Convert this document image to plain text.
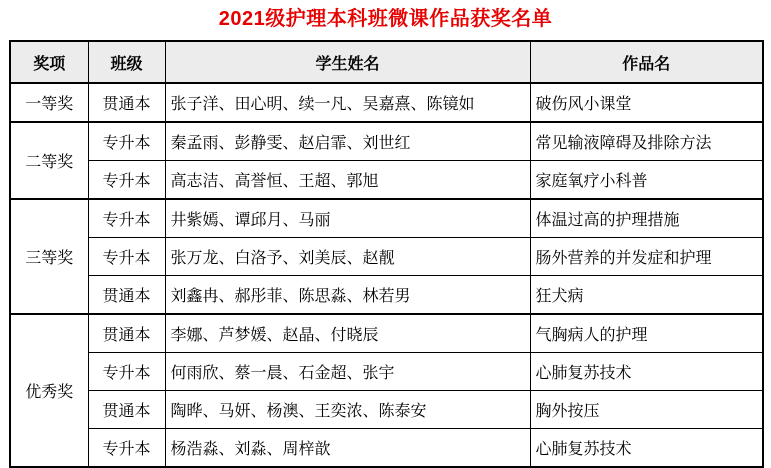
2021级护理本科班微课作品获奖名单
奖项	班级	学生姓名	作品名
一等奖	贯通本	张子洋、田心明、续一凡、吴嘉熹、陈镜如	破伤风小课堂
二等奖	专升本	秦孟雨、彭静雯、赵启霏、刘世红	常见输液障碍及排除方法
	专升本	高志洁、高誉恒、王超、郭旭	家庭氧疗小科普
三等奖	专升本	井紫嫣、谭邱月、马丽	体温过高的护理措施
	专升本	张万龙、白洛予、刘美辰、赵靓	肠外营养的并发症和护理
	贯通本	刘鑫冉、郝彤菲、陈思淼、林若男	狂犬病
优秀奖	贯通本	李娜、芦梦媛、赵晶、付晓辰	气胸病人的护理
	专升本	何雨欣、蔡一晨、石金超、张宇	心肺复苏技术
	贯通本	陶晔、马妍、杨澳、王奕浓、陈泰安	胸外按压
	专升本	杨浩淼、刘淼、周梓歆	心肺复苏技术
